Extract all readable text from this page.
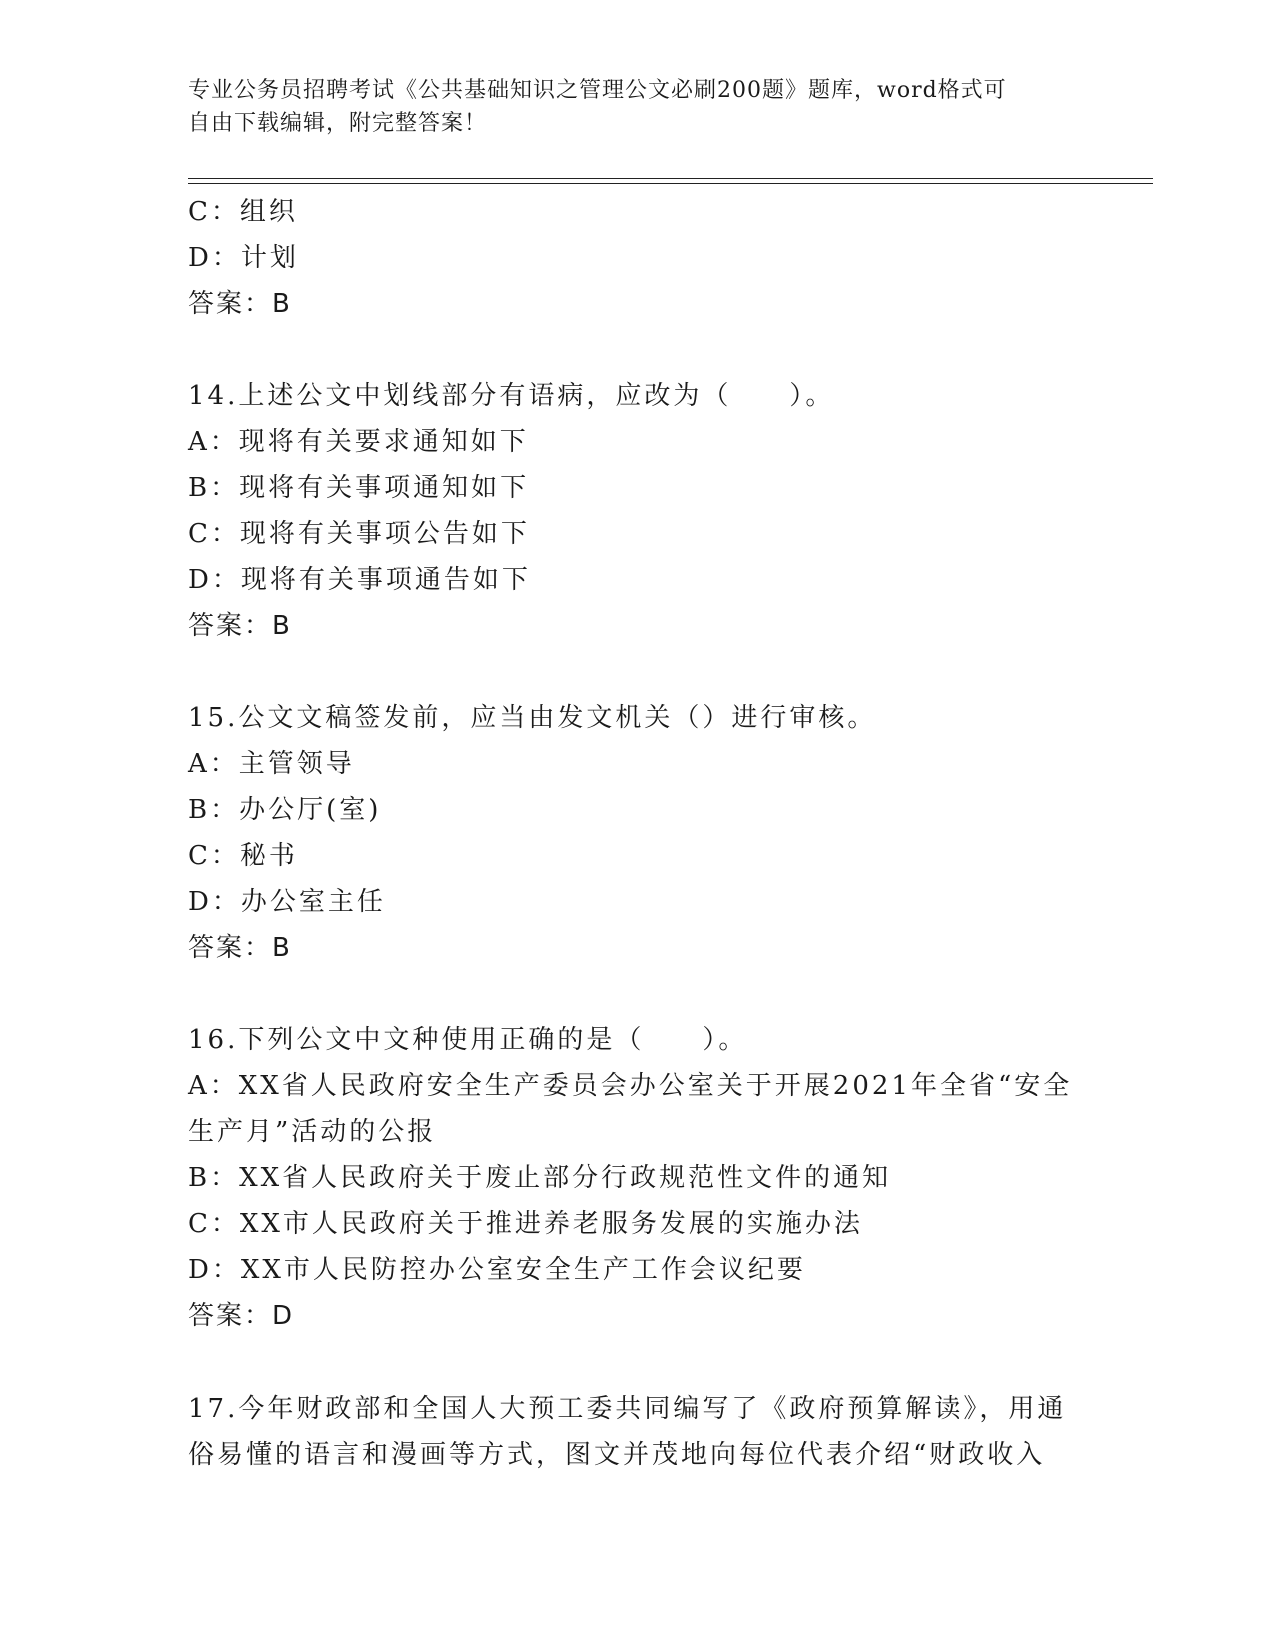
专业公务员招聘考试《公共基础知识之管理公文必刷200题》题库，word格式可
自由下载编辑，附完整答案！
C：组织
D：计划
答案：B
14.上述公文中划线部分有语病，应改为（　　）。
A：现将有关要求通知如下
B：现将有关事项通知如下
C：现将有关事项公告如下
D：现将有关事项通告如下
答案：B
15.公文文稿签发前，应当由发文机关（）进行审核。
A：主管领导
B：办公厅(室)
C：秘书
D：办公室主任
答案：B
16.下列公文中文种使用正确的是（　　）。
A：XX省人民政府安全生产委员会办公室关于开展2021年全省“安全
生产月”活动的公报
B：XX省人民政府关于废止部分行政规范性文件的通知
C：XX市人民政府关于推进养老服务发展的实施办法
D：XX市人民防控办公室安全生产工作会议纪要
答案：D
17.今年财政部和全国人大预工委共同编写了《政府预算解读》，用通
俗易懂的语言和漫画等方式，图文并茂地向每位代表介绍“财政收入
